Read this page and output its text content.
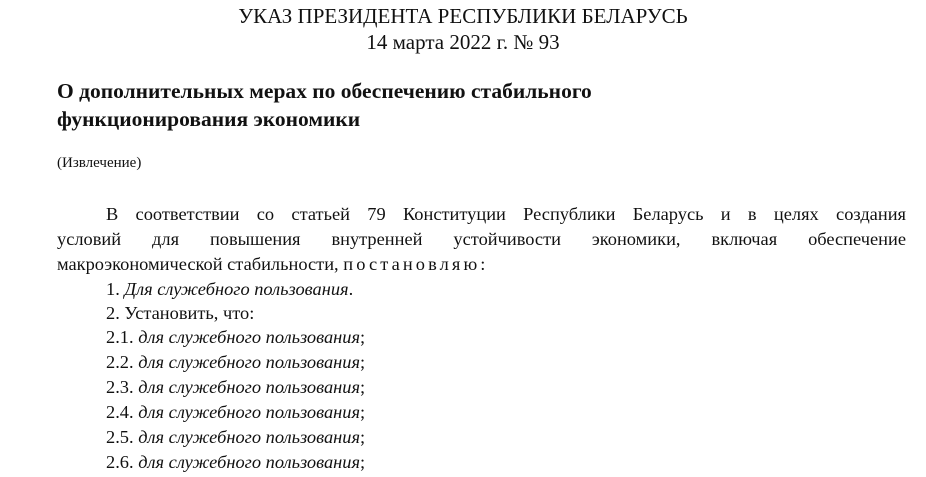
УКАЗ ПРЕЗИДЕНТА РЕСПУБЛИКИ БЕЛАРУСЬ
14 марта 2022 г. № 93
О дополнительных мерах по обеспечению стабильного
функционирования экономики
(Извлечение)
В соответствии со статьей 79 Конституции Республики Беларусь и в целях создания
условий для повышения внутренней устойчивости экономики, включая обеспечение
макроэкономической стабильности, постановляю:
1. Для служебного пользования.
2. Установить, что:
2.1. для служебного пользования;
2.2. для служебного пользования;
2.3. для служебного пользования;
2.4. для служебного пользования;
2.5. для служебного пользования;
2.6. для служебного пользования;
